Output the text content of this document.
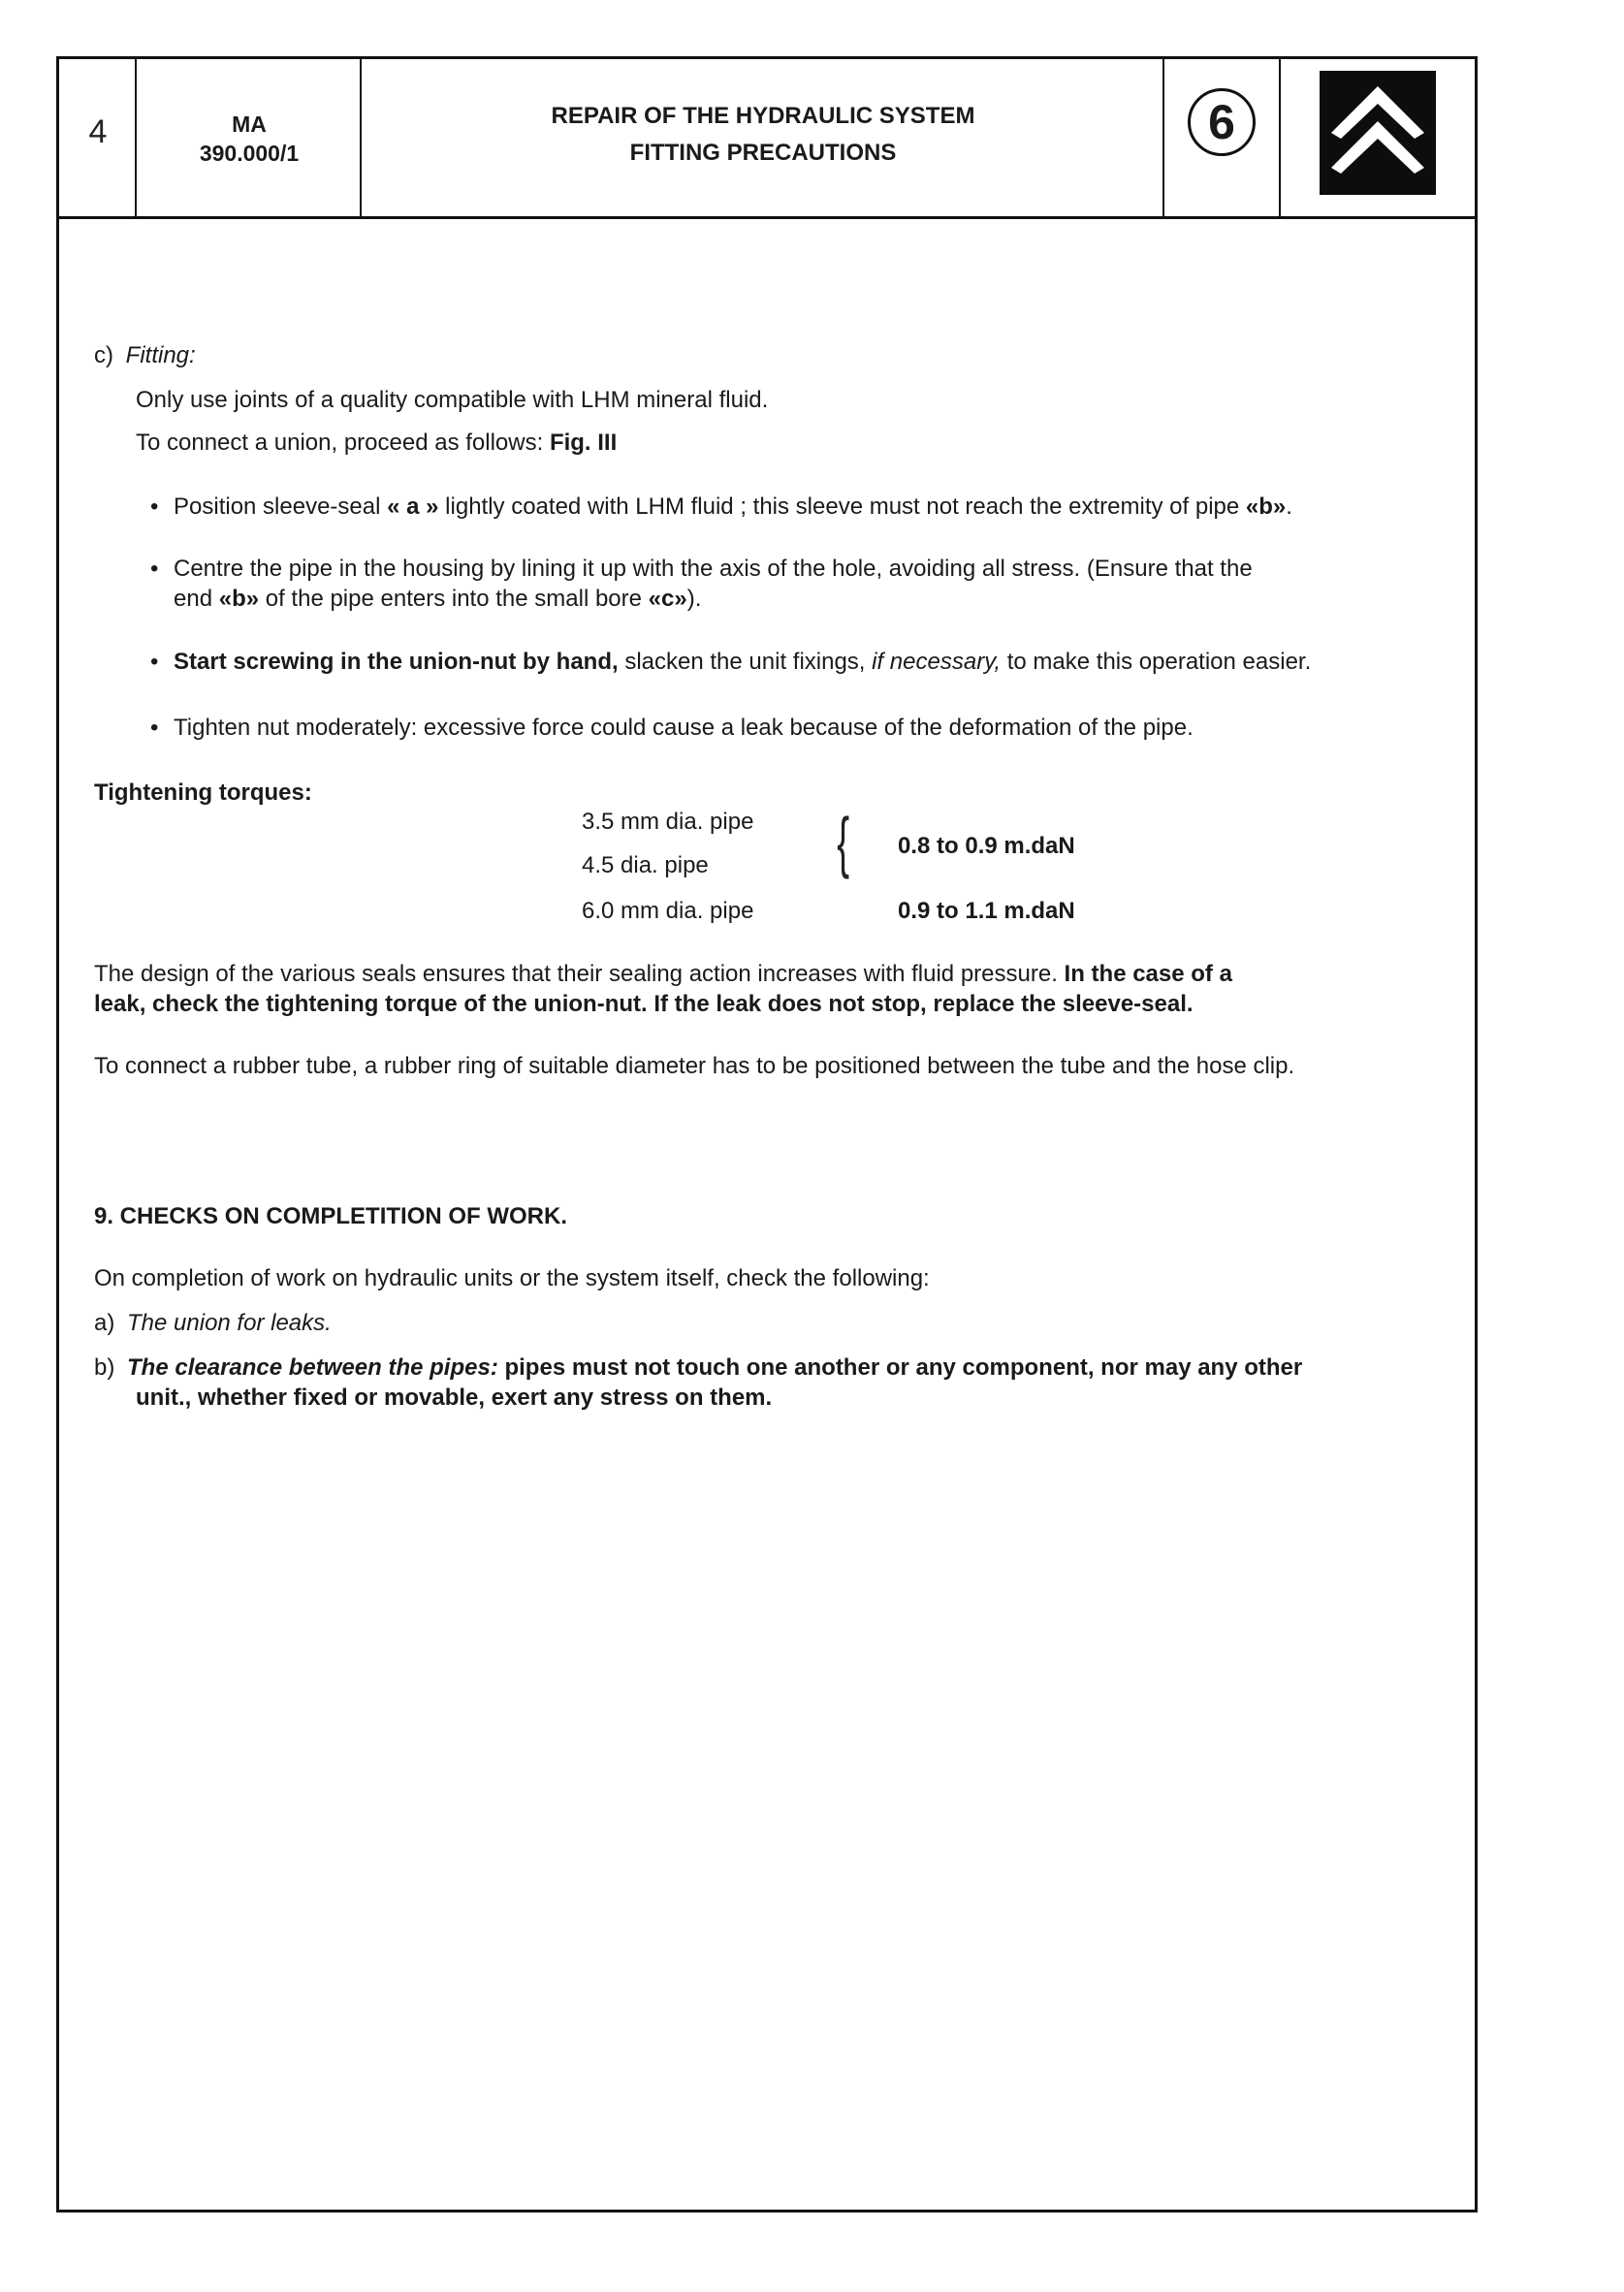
4	MA
390.000/1
REPAIR OF THE HYDRAULIC SYSTEM
FITTING PRECAUTIONS
6
c) Fitting:
Only use joints of a quality compatible with LHM mineral fluid.
To connect a union, proceed as follows: Fig. III
• Position sleeve-seal « a » lightly coated with LHM fluid ; this sleeve must not reach the extremity of pipe «b».
• Centre the pipe in the housing by lining it up with the axis of the hole, avoiding all stress. (Ensure that the
end «b» of the pipe enters into the small bore «c»).
• Start screwing in the union-nut by hand, slacken the unit fixings, if necessary, to make this operation easier.
• Tighten nut moderately: excessive force could cause a leak because of the deformation of the pipe.
Tightening torques:
3.5 mm dia. pipe
4.5 dia. pipe
6.0 mm dia. pipe
{ 0.8 to 0.9 m.daN
0.9 to 1.1 m.daN
The design of the various seals ensures that their sealing action increases with fluid pressure. In the case of a
leak, check the tightening torque of the union-nut. If the leak does not stop, replace the sleeve-seal.
To connect a rubber tube, a rubber ring of suitable diameter has to be positioned between the tube and the hose clip.
9. CHECKS ON COMPLETITION OF WORK.
On completion of work on hydraulic units or the system itself, check the following:
a) The union for leaks.
b) The clearance between the pipes: pipes must not touch one another or any component, nor may any other
unit., whether fixed or movable, exert any stress on them.
